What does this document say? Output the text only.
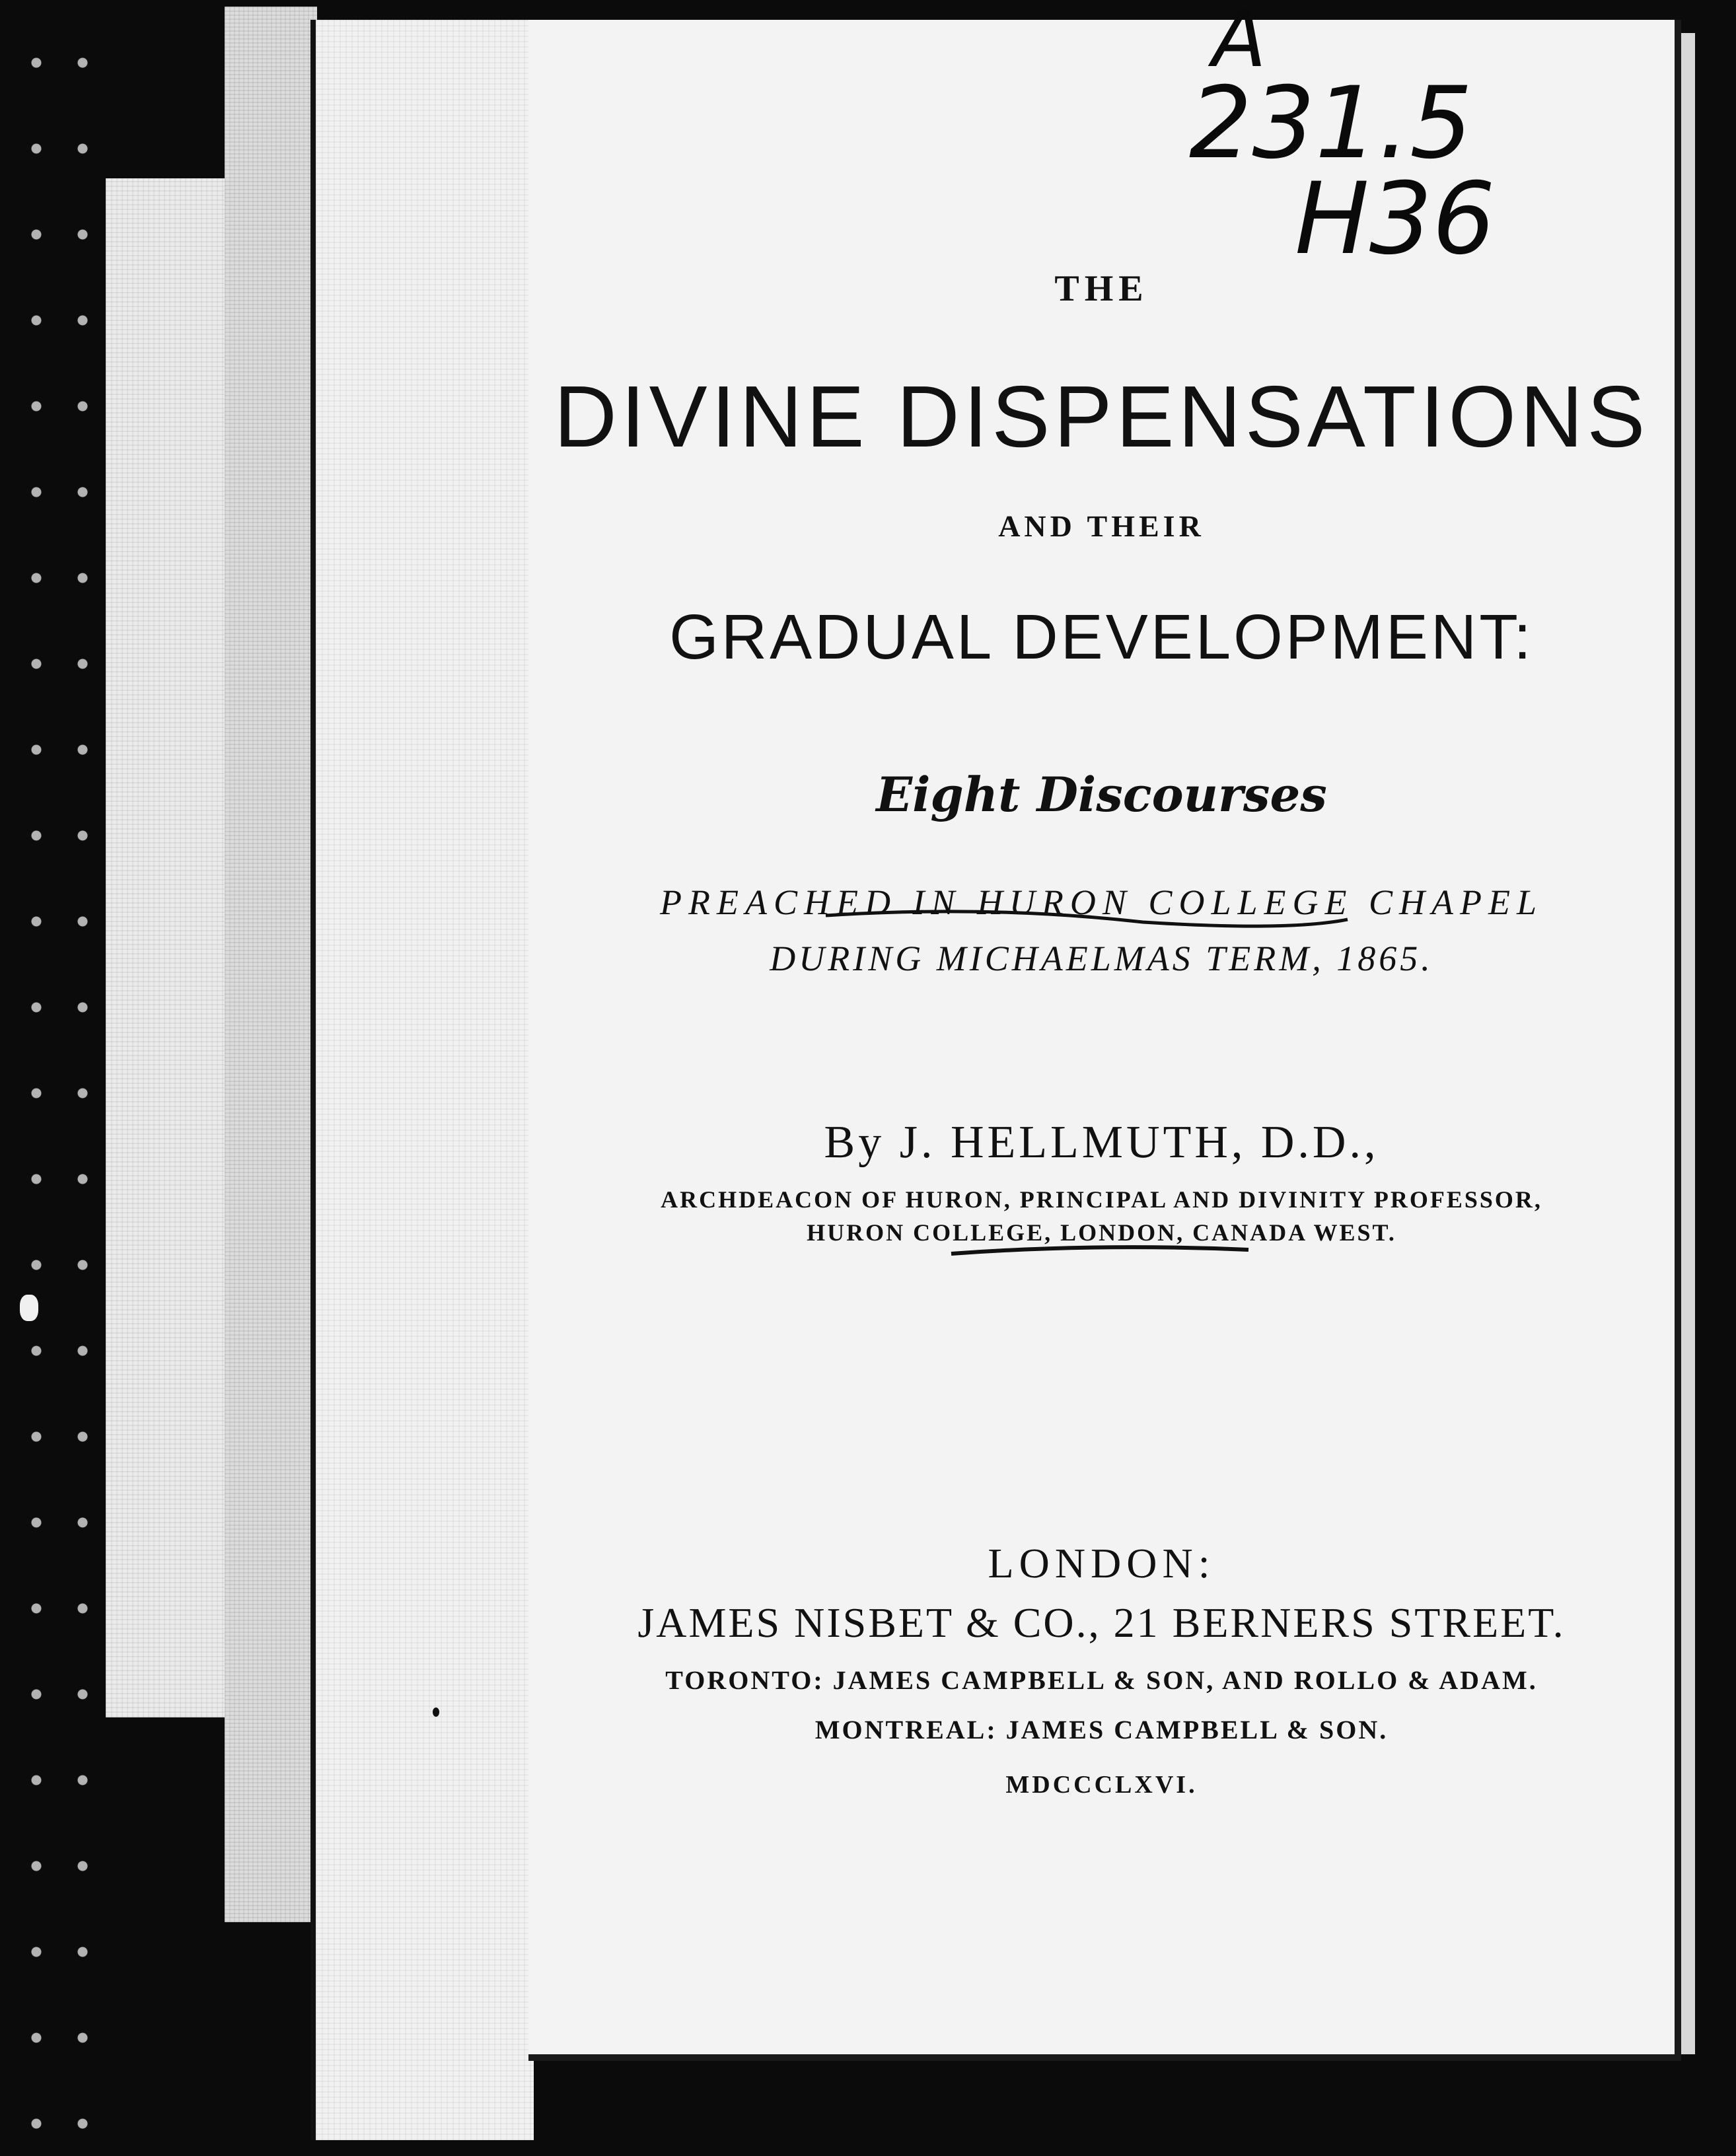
THE
DIVINE DISPENSATIONS
AND THEIR
GRADUAL DEVELOPMENT:
Eight Discourses
PREACHED IN HURON COLLEGE CHAPEL
DURING MICHAELMAS TERM, 1865.
By J. HELLMUTH, D.D.,
ARCHDEACON OF HURON, PRINCIPAL AND DIVINITY PROFESSOR,
HURON COLLEGE, LONDON, CANADA WEST.
LONDON:
JAMES NISBET & CO., 21 BERNERS STREET.
TORONTO: JAMES CAMPBELL & SON, AND ROLLO & ADAM.
MONTREAL: JAMES CAMPBELL & SON.
MDCCCLXVI.
A
231.5
H36
